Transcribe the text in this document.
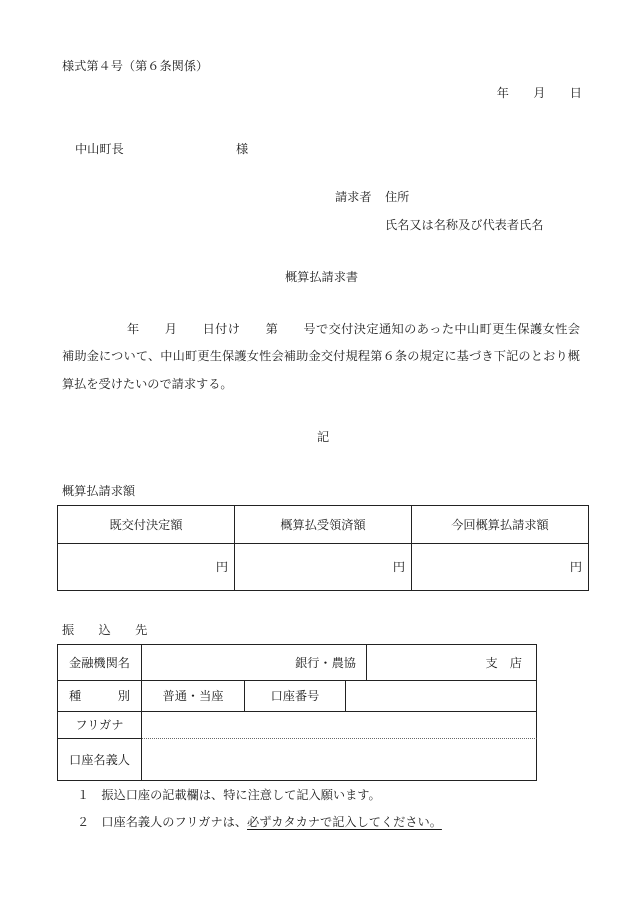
様式第４号（第６条関係）
年　　月　　日
中山町長	様
請求者 住所
氏名又は名称及び代表者氏名
概算払請求書
年　　月　　日付け　　第　　号で交付決定通知のあった中山町更生保護女性会
補助金について、中山町更生保護女性会補助金交付規程第６条の規定に基づき下記のとおり概
算払を受けたいので請求する。
記
概算払請求額
既交付決定額	概算払受領済額	今回概算払請求額
円	円	円
振　　込　　先
金融機関名	銀行・農協	支　店
種　　　別	普通・当座	口座番号
フリガナ
口座名義人
１　 振込口座の記載欄は、特に注意して記入願います。
２　 口座名義人のフリガナは、必ずカタカナで記入してください。
